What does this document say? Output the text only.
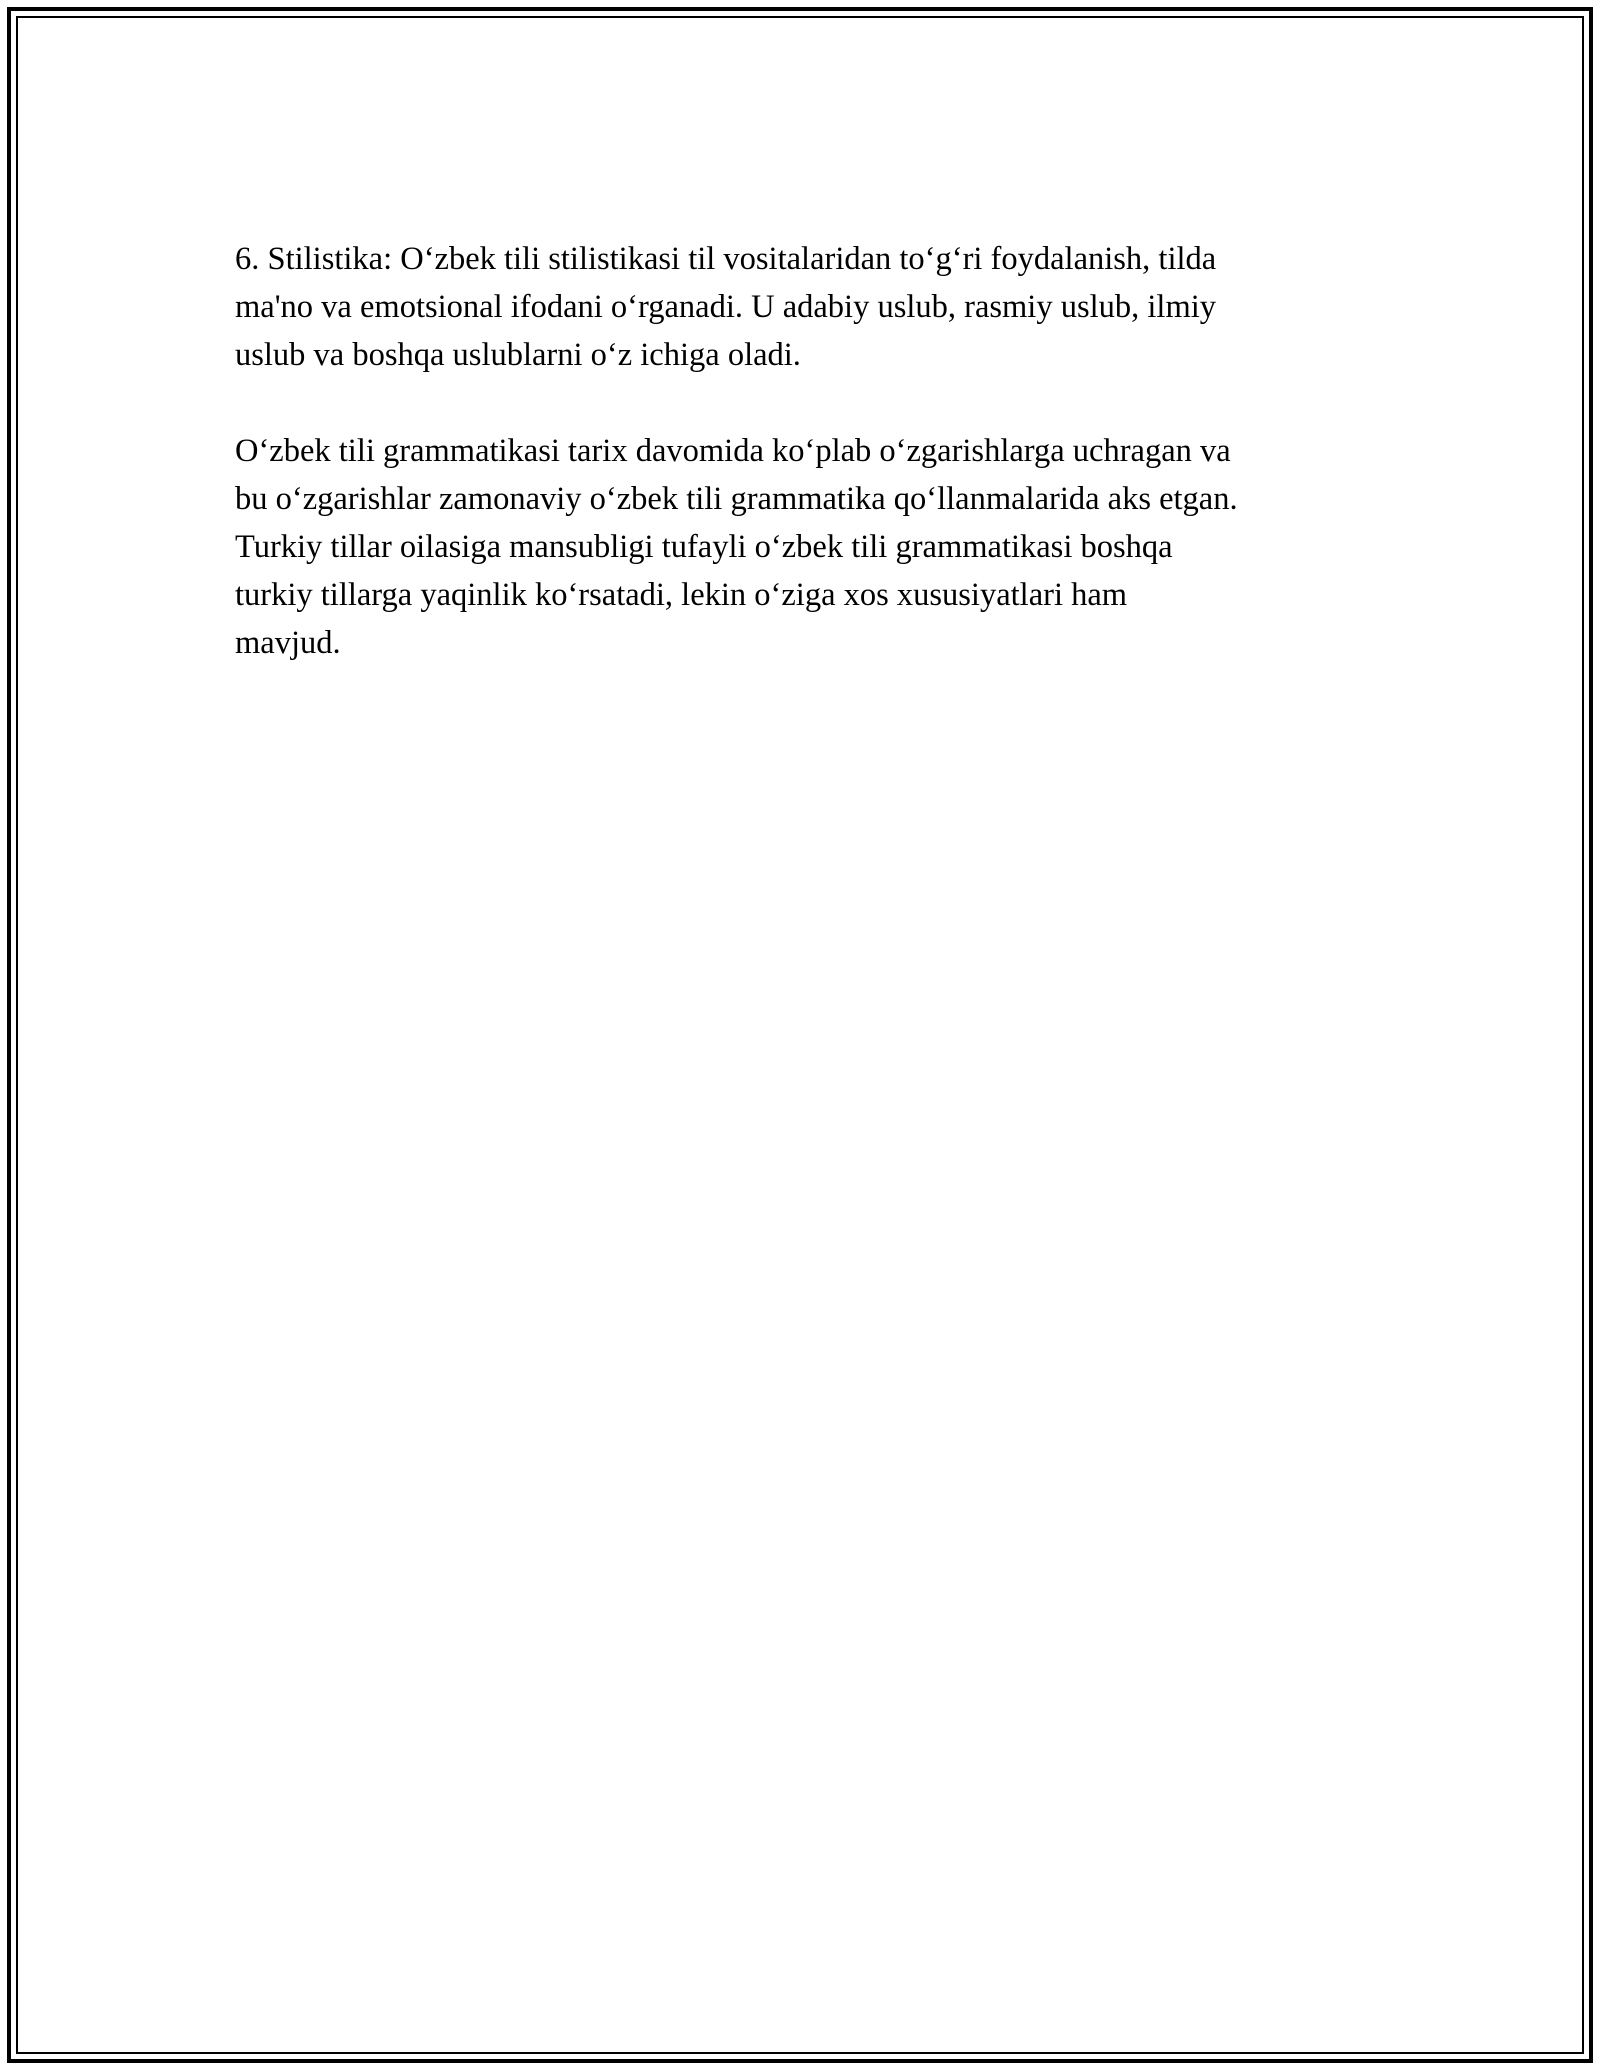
6. Stilistika: O‘zbek tili stilistikasi til vositalaridan to‘g‘ri foydalanish, tilda
ma'no va emotsional ifodani o‘rganadi. U adabiy uslub, rasmiy uslub, ilmiy
uslub va boshqa uslublarni o‘z ichiga oladi.

O‘zbek tili grammatikasi tarix davomida ko‘plab o‘zgarishlarga uchragan va
bu o‘zgarishlar zamonaviy o‘zbek tili grammatika qo‘llanmalarida aks etgan.
Turkiy tillar oilasiga mansubligi tufayli o‘zbek tili grammatikasi boshqa
turkiy tillarga yaqinlik ko‘rsatadi, lekin o‘ziga xos xususiyatlari ham
mavjud.
